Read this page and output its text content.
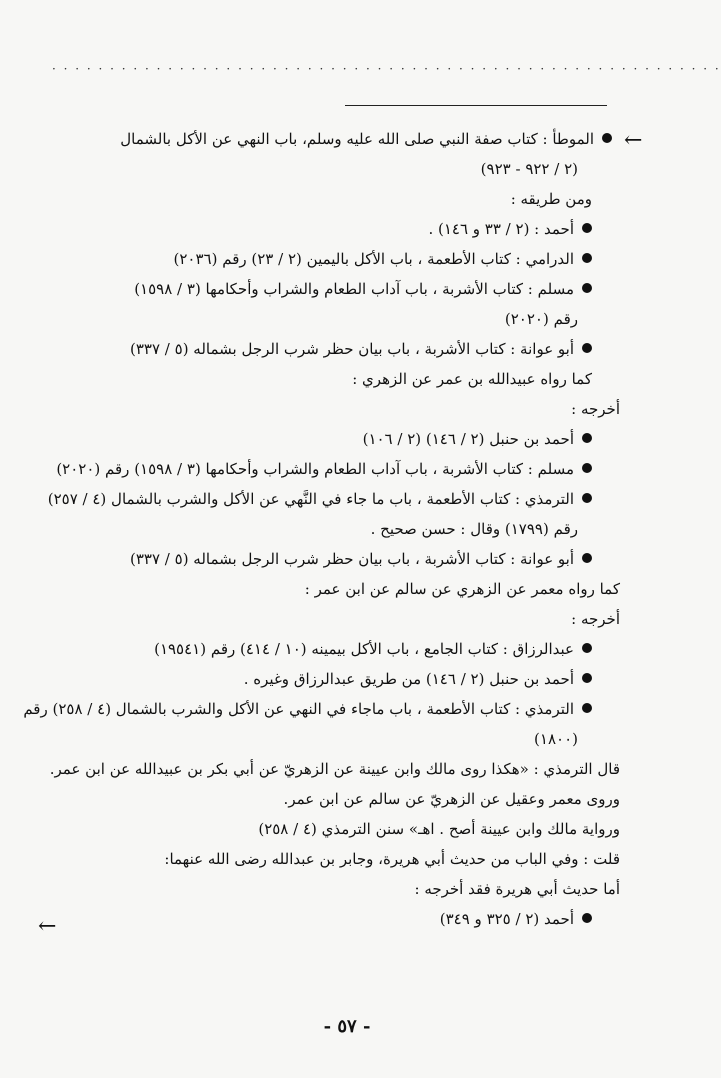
· · · · · · · · · · · · · · · · · · · · · · · · · · · · · · · · · · · · · · · · · · · · · · · · · · · · · · · · · ·
←
←
الموطأ : كتاب صفة النبي صلى الله عليه وسلم، باب النهي عن الأكل بالشمال
(٢ / ٩٢٢ - ٩٢٣)
ومن طريقه :
أحمد : (٢ / ٣٣ و ١٤٦) .
الدرامي : كتاب الأطعمة ، باب الأكل باليمين (٢ / ٢٣) رقم (٢٠٣٦)
مسلم : كتاب الأشربة ، باب آداب الطعام والشراب وأحكامها (٣ / ١٥٩٨)
رقم (٢٠٢٠)
أبو عوانة : كتاب الأشربة ، باب بيان حظر شرب الرجل بشماله (٥ / ٣٣٧)
كما رواه عبيدالله بن عمر عن الزهري :
أخرجه :
أحمد بن حنبل (٢ / ١٤٦) (٢ / ١٠٦)
مسلم : كتاب الأشربة ، باب آداب الطعام والشراب وأحكامها (٣ / ١٥٩٨) رقم (٢٠٢٠)
الترمذي : كتاب الأطعمة ، باب ما جاء في النَّهي عن الأكل والشرب بالشمال (٤ / ٢٥٧)
رقم (١٧٩٩) وقال : حسن صحيح .
أبو عوانة : كتاب الأشربة ، باب بيان حظر شرب الرجل بشماله (٥ / ٣٣٧)
كما رواه معمر عن الزهري عن سالم عن ابن عمر :
أخرجه :
عبدالرزاق : كتاب الجامع ، باب الأكل بيمينه (١٠ / ٤١٤) رقم (١٩٥٤١)
أحمد بن حنبل (٢ / ١٤٦) من طريق عبدالرزاق وغيره .
الترمذي : كتاب الأطعمة ، باب ماجاء في النهي عن الأكل والشرب بالشمال (٤ / ٢٥٨) رقم
(١٨٠٠)
قال الترمذي : «هكذا روى مالك وابن عيينة عن الزهريّ عن أبي بكر بن عبيدالله عن ابن عمر.
وروى معمر وعقيل عن الزهريّ عن سالم عن ابن عمر.
ورواية مالك وابن عيينة أصح . اهـ» سنن الترمذي (٤ / ٢٥٨)
قلت : وفي الباب من حديث أبي هريرة، وجابر بن عبدالله رضى الله عنهما:
أما حديث أبي هريرة فقد أخرجه :
أحمد (٢ / ٣٢٥ و ٣٤٩)
- ٥٧ -
